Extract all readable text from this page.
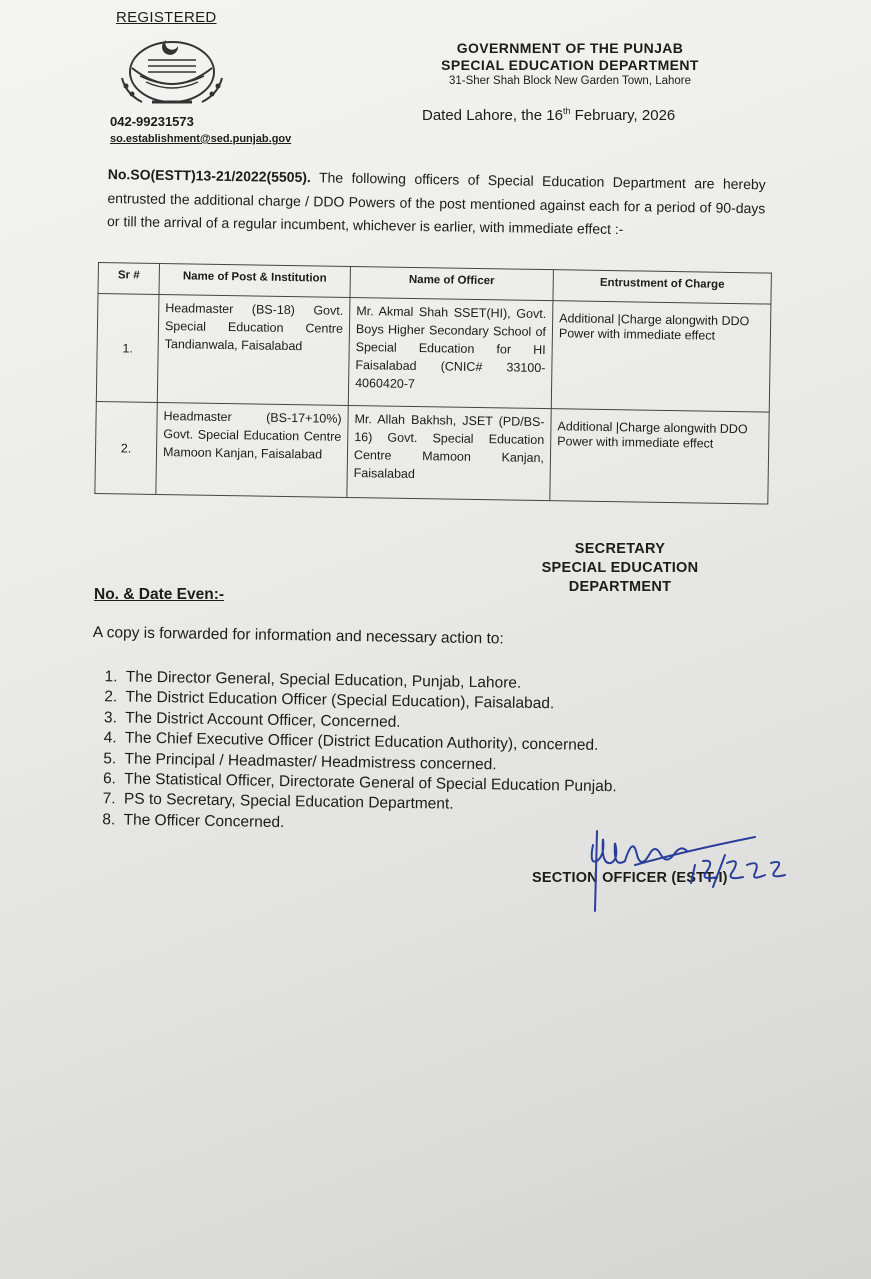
REGISTERED
GOVERNMENT OF THE PUNJAB
SPECIAL EDUCATION DEPARTMENT
31-Sher Shah Block New Garden Town, Lahore
042-99231573
so.establishment@sed.punjab.gov
Dated Lahore, the 16th February, 2026
No.SO(ESTT)13-21/2022(5505). The following officers of Special Education Department are hereby entrusted the additional charge / DDO Powers of the post mentioned against each for a period of 90-days or till the arrival of a regular incumbent, whichever is earlier, with immediate effect :-
Sr #	Name of Post & Institution	Name of Officer	Entrustment of Charge
1.	Headmaster (BS-18) Govt. Special Education Centre Tandianwala, Faisalabad	Mr. Akmal Shah SSET(HI), Govt. Boys Higher Secondary School of Special Education for HI Faisalabad (CNIC# 33100-4060420-7	Additional |Charge alongwith DDO Power with immediate effect
2.	Headmaster (BS-17+10%) Govt. Special Education Centre Mamoon Kanjan, Faisalabad	Mr. Allah Bakhsh, JSET (PD/BS-16) Govt. Special Education Centre Mamoon Kanjan, Faisalabad	Additional |Charge alongwith DDO Power with immediate effect
SECRETARY
SPECIAL EDUCATION
DEPARTMENT
No. & Date Even:-
A copy is forwarded for information and necessary action to:
1. The Director General, Special Education, Punjab, Lahore.
2. The District Education Officer (Special Education), Faisalabad.
3. The District Account Officer, Concerned.
4. The Chief Executive Officer (District Education Authority), concerned.
5. The Principal / Headmaster/ Headmistress concerned.
6. The Statistical Officer, Directorate General of Special Education Punjab.
7. PS to Secretary, Special Education Department.
8. The Officer Concerned.
SECTION OFFICER (ESTT-I)
